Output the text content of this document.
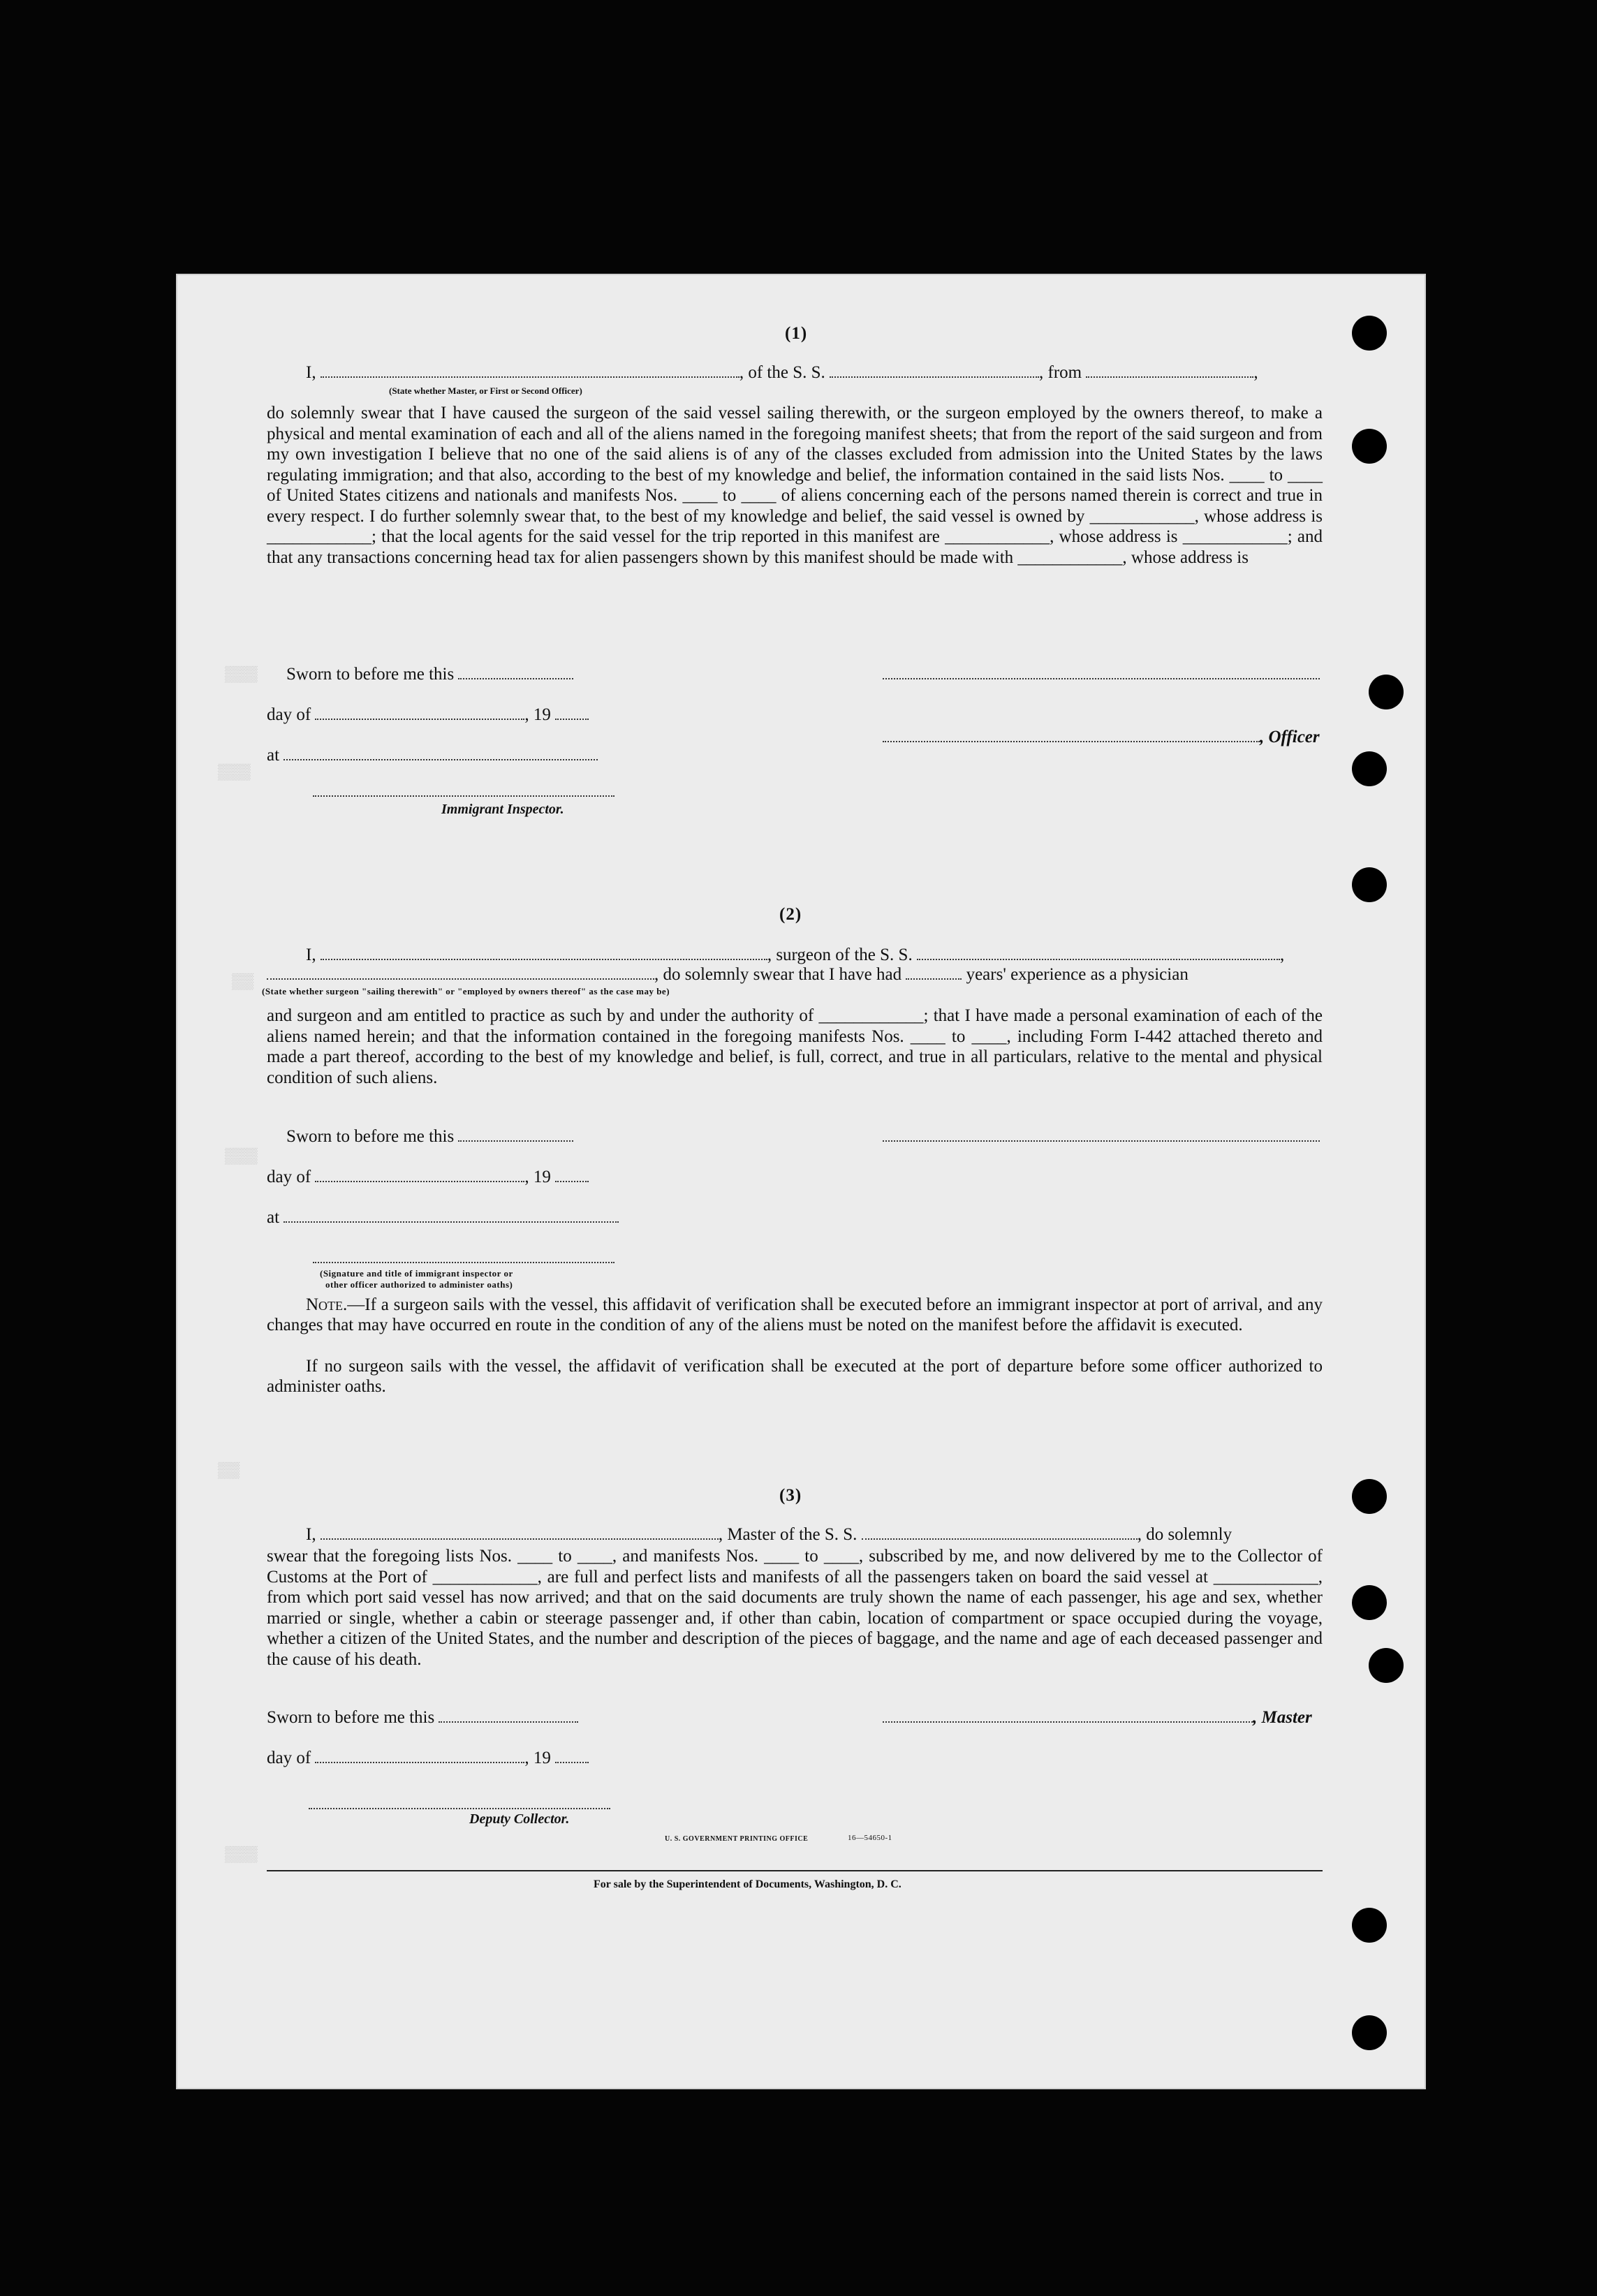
▒▒▒
▒▒▒
▒▒
▒▒▒
▒▒
▒▒▒
(1)
I,	, of the S. S.	, from	,
(State whether Master, or First or Second Officer)
do solemnly swear that I have caused the surgeon of the said vessel sailing therewith, or the surgeon employed by the owners thereof, to make a physical and mental examination of each and all of the aliens named in the foregoing manifest sheets; that from the report of the said surgeon and from my own investigation I believe that no one of the said aliens is of any of the classes excluded from admission into the United States by the laws regulating immigration; and that also, according to the best of my knowledge and belief, the information contained in the said lists Nos. ____ to ____ of United States citizens and nationals and manifests Nos. ____ to ____ of aliens concerning each of the persons named therein is correct and true in every respect. I do further solemnly swear that, to the best of my knowledge and belief, the said vessel is owned by ____________, whose address is ____________; that the local agents for the said vessel for the trip reported in this manifest are ____________, whose address is ____________; and that any transactions concerning head tax for alien passengers shown by this manifest should be made with ____________, whose address is
Sworn to before me this
day of	, 19
, Officer
at
Immigrant Inspector.
(2)
I,	, surgeon of the S. S.	,
, do solemnly swear that I have had	years' experience as a physician
(State whether surgeon "sailing therewith" or "employed by owners thereof" as the case may be)
and surgeon and am entitled to practice as such by and under the authority of ____________; that I have made a personal examination of each of the aliens named herein; and that the information contained in the foregoing manifests Nos. ____ to ____, including Form I-442 attached thereto and made a part thereof, according to the best of my knowledge and belief, is full, correct, and true in all particulars, relative to the mental and physical condition of such aliens.
Sworn to before me this
day of	, 19
at
(Signature and title of immigrant inspector or
other officer authorized to administer oaths)
Note.—If a surgeon sails with the vessel, this affidavit of verification shall be executed before an immigrant inspector at port of arrival, and any changes that may have occurred en route in the condition of any of the aliens must be noted on the manifest before the affidavit is executed.
If no surgeon sails with the vessel, the affidavit of verification shall be executed at the port of departure before some officer authorized to administer oaths.
(3)
I,	, Master of the S. S.	, do solemnly
swear that the foregoing lists Nos. ____ to ____, and manifests Nos. ____ to ____, subscribed by me, and now delivered by me to the Collector of Customs at the Port of ____________, are full and perfect lists and manifests of all the passengers taken on board the said vessel at ____________, from which port said vessel has now arrived; and that on the said documents are truly shown the name of each passenger, his age and sex, whether married or single, whether a cabin or steerage passenger and, if other than cabin, location of compartment or space occupied during the voyage, whether a citizen of the United States, and the number and description of the pieces of baggage, and the name and age of each deceased passenger and the cause of his death.
Sworn to before me this	, Master
day of	, 19
Deputy Collector.
U. S. GOVERNMENT PRINTING OFFICE	16—54650-1
For sale by the Superintendent of Documents, Washington, D. C.
